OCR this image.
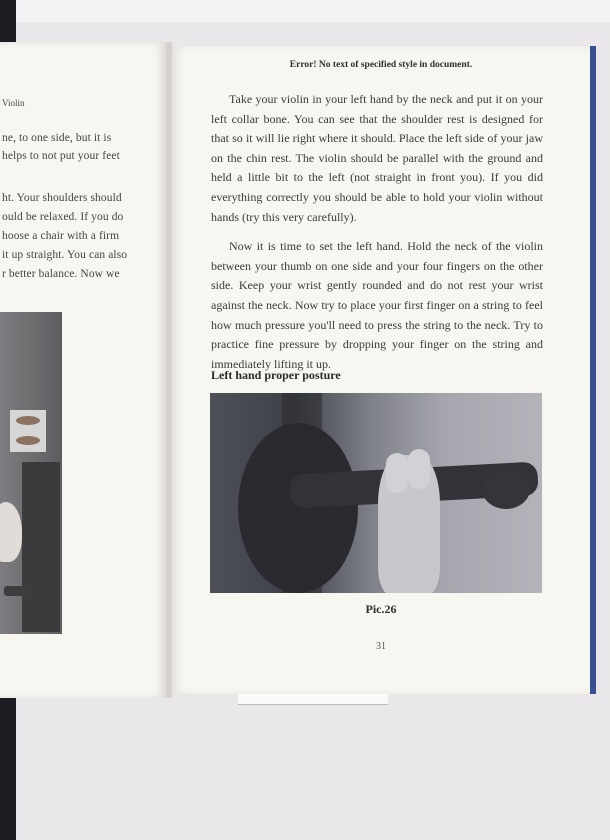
Violin
ne, to one side, but it is
helps to not put your feet
ht. Your shoulders should
ould be relaxed. If you do
hoose a chair with a firm
it up straight. You can also
r better balance. Now we
Error! No text of specified style in document.

Take your violin in your left hand by the neck and put it on your left collar bone. You can see that the shoulder rest is designed for that so it will lie right where it should. Place the left side of your jaw on the chin rest. The violin should be parallel with the ground and held a little bit to the left (not straight in front you). If you did everything correctly you should be able to hold your violin without hands (try this very carefully).

Now it is time to set the left hand. Hold the neck of the violin between your thumb on one side and your four fingers on the other side. Keep your wrist gently rounded and do not rest your wrist against the neck. Now try to place your first finger on a string to feel how much pressure you'll need to press the string to the neck. Try to practice fine pressure by dropping your finger on the string and immediately lifting it up.

Left hand proper posture
Pic.26
31
